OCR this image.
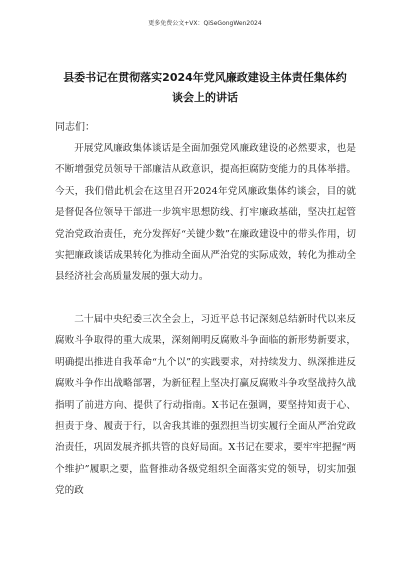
更多免费公文+VX：QiSeGongWen2024
县委书记在贯彻落实2024年党风廉政建设主体责任集体约
谈会上的讲话
同志们：

开展党风廉政集体谈话是全面加强党风廉政建设的必然要求，也是不断增强党员领导干部廉洁从政意识，提高拒腐防变能力的具体举措。今天，我们借此机会在这里召开2024年党风廉政集体约谈会，目的就是督促各位领导干部进一步筑牢思想防线、打牢廉政基础，坚决扛起管党治党政治责任，充分发挥好“关键少数”在廉政建设中的带头作用，切实把廉政谈话成果转化为推动全面从严治党的实际成效，转化为推动全县经济社会高质量发展的强大动力。

二十届中央纪委三次全会上，习近平总书记深刻总结新时代以来反腐败斗争取得的重大成果，深刻阐明反腐败斗争面临的新形势新要求，明确提出推进自我革命“九个以”的实践要求，对持续发力、纵深推进反腐败斗争作出战略部署，为新征程上坚决打赢反腐败斗争攻坚战持久战指明了前进方向、提供了行动指南。X书记在强调，要坚持知责于心、担责于身、履责于行，以舍我其谁的强烈担当切实履行全面从严治党政治责任，巩固发展齐抓共管的良好局面。X书记在要求，要牢牢把握“两个维护”履职之要，监督推动各级党组织全面落实党的领导，切实加强党的政
